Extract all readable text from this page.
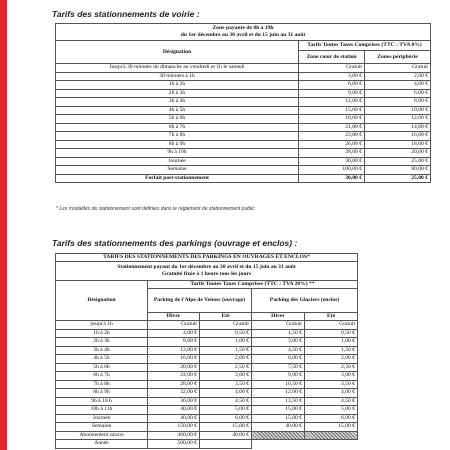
Tarifs des stationnements de voirie :
Zone payante de 8h à 19h
du 1er décembre au 30 avril et du 15 juin au 31 août		

Désignation	Tarifs Toutes Taxes Comprises (TTC : TVA 0%)	
	Zone cœur de station	Zones périphérie
Jusqu'à 30 minutes du dimanche au vendredi et 1h le samedi	Gratuit	Gratuit
30 minutes à 1h	3,00 €	2,00 €
1h à 2h	6,00 €	4,00 €
2h à 3h	9,00 €	6,00 €
3h à 4h	12,00 €	8,00 €
4h à 5h	15,00 €	10,00 €
5h à 6h	18,00 €	12,00 €
6h à 7h	21,00 €	14,00 €
7h à 8h	23,00 €	16,00 €
8h à 9h	26,00 €	18,00 €
9h à 10h	28,00 €	20,00 €
Journée	30,00 €	25,00 €
Semaine	100,00 €	80,00 €
Forfait post-stationnement	30,00 €	25,00 €
* Les modalités de stationnement sont définies dans le règlement de stationnement public
Tarifs des stationnements des parkings (ouvrage et enclos) :
TARIFS DES STATIONNEMENTS DES PARKINGS EN OUVRAGES ET ENCLOS*				

Stationnement payant du 1er décembre au 30 avril et du 15 juin au 31 août
Gratuité fixée à 1 heure tous les jours				

Désignation	Tarifs Toutes Taxes Comprises (TTC : TVA 20%) **			
	Parking de l'Alpe de Venosc (ouvrage)		Parking des Glaciers (enclos)	
	Hiver	Eté	Hiver	Eté
jusqu'à 1h	Gratuit	Gratuit	Gratuit	Gratuit
1h à 2h	4,00 €	0,50 €	1,50 €	0,50 €
2h à 3h	8,00 €	1,00 €	3,00 €	1,00 €
3h à 4h	12,00 €	1,50 €	4,50 €	1,50 €
4h à 5h	16,00 €	2,00 €	6,00 €	2,00 €
5h à 6h	20,00 €	2,50 €	7,50 €	2,50 €
6h à 7h	24,00 €	3,00 €	9,00 €	3,00 €
7h à 8h	28,00 €	3,50 €	10,50 €	3,50 €
8h à 9h	32,00 €	4,00 €	12,00 €	4,00 €
9h à 10 h	36,00 €	4,50 €	13,50 €	4,50 €
10h à 11h	40,00 €	5,00 €	15,00 €	5,00 €
Journée	40,00 €	6,00 €	15,00 €	6,00 €
Semaine	150,00 €	15,00 €	40,00 €	15,00 €
Abonnement saison	460,00 €	40,00 €		
Année	500,00 €			
